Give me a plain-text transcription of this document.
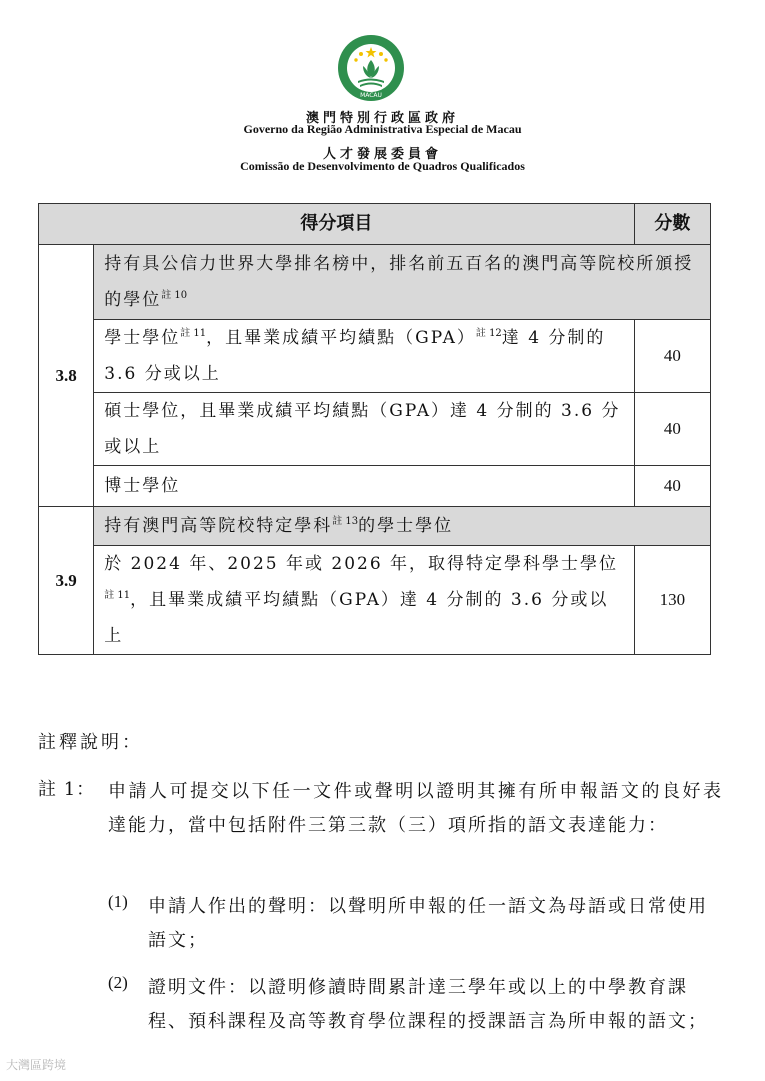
MACAU
澳門特別行政區政府
Governo da Região Administrativa Especial de Macau
人才發展委員會
Comissão de Desenvolvimento de Quadros Qualificados
得分項目		分數
3.8	持有具公信力世界大學排名榜中，排名前五百名的澳門高等院校所頒授的學位$^{註 10}$
	學士學位$^{註 11}$，且畢業成績平均績點（GPA）$^{註 12}$達 4 分制的 3.6 分或以上	40
	碩士學位，且畢業成績平均績點（GPA）達 4 分制的 3.6 分或以上	40
	博士學位	40
3.9	持有澳門高等院校特定學科$^{註 13}$的學士學位	
	於 2024 年、2025 年或 2026 年，取得特定學科學士學位$^{註 11}$，且畢業成績平均績點（GPA）達 4 分制的 3.6 分或以上	130
註釋說明：
註 1： 申請人可提交以下任一文件或聲明以證明其擁有所申報語文的良好表達能力，當中包括附件三第三款（三）項所指的語文表達能力：
(1) 申請人作出的聲明：以聲明所申報的任一語文為母語或日常使用語文；
(2) 證明文件：以證明修讀時間累計達三學年或以上的中學教育課程、預科課程及高等教育學位課程的授課語言為所申報的語文；
大灣區跨境
